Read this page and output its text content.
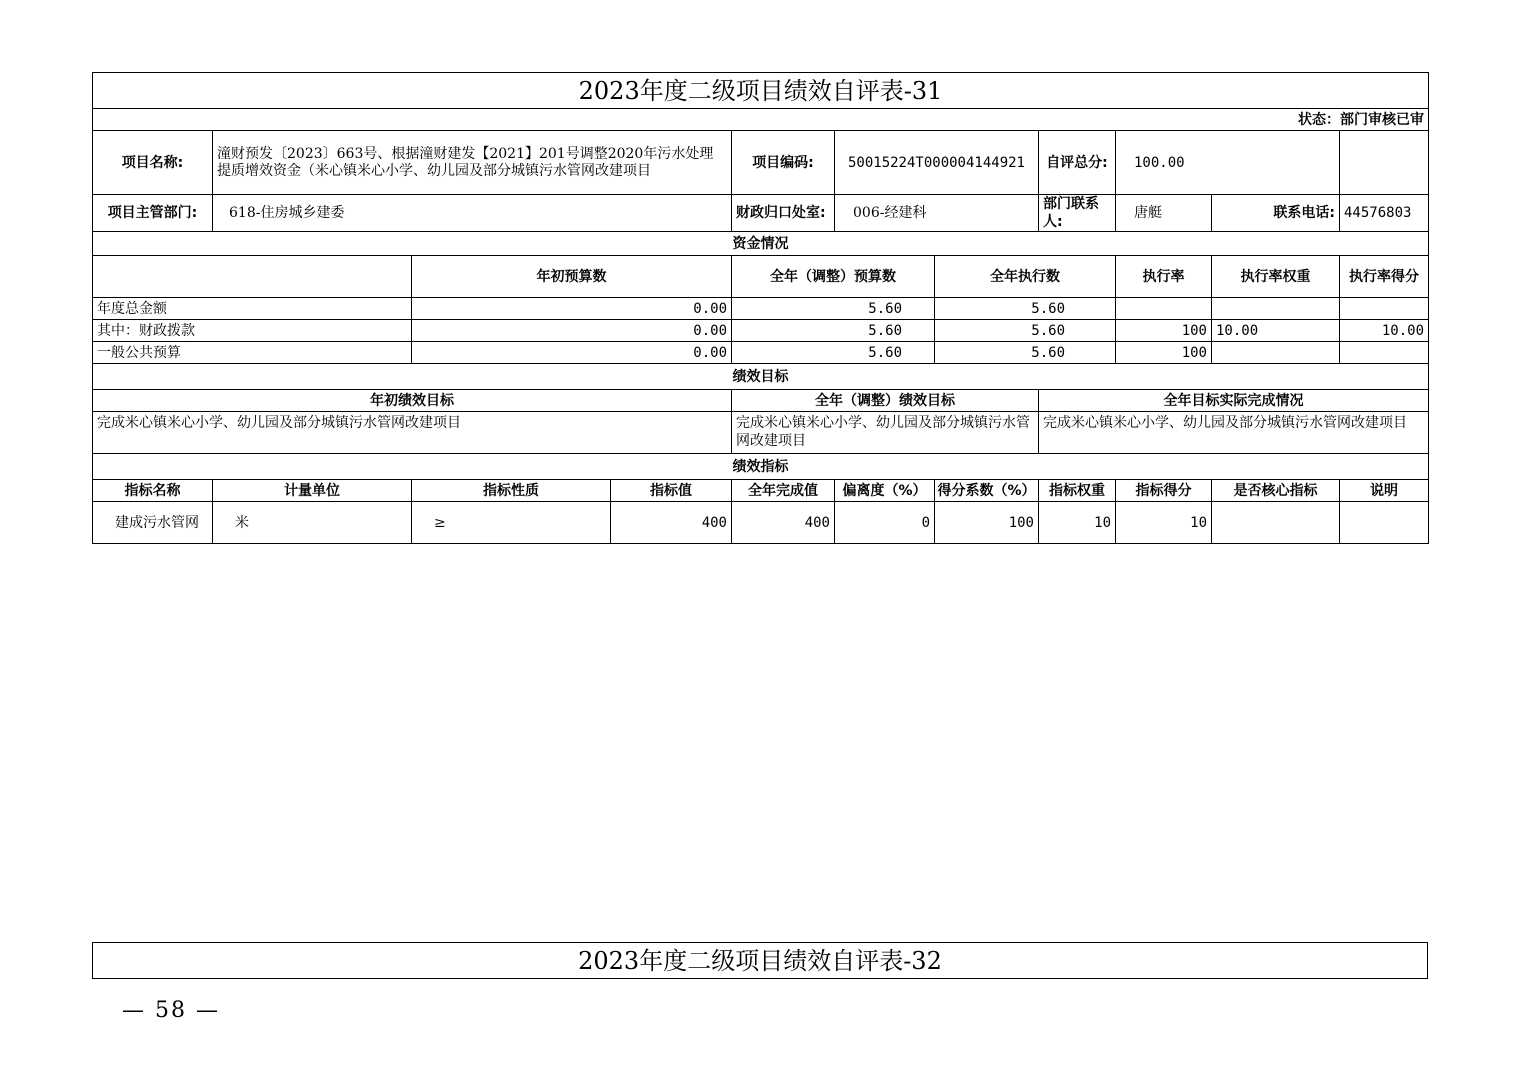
2023年度二级项目绩效自评表-31										
状态：部门审核已审										
项目名称:	潼财预发〔2023〕663号、根据潼财建发【2021】201号调整2020年污水处理提质增效资金（米心镇米心小学、幼儿园及部分城镇污水管网改建项目			项目编码:	50015224T000004144921		自评总分:	100.00		
项目主管部门:	618-住房城乡建委			财政归口处室:	006-经建科		部门联系人:	唐艇	联系电话:	44576803
资金情况										
		年初预算数		全年（调整）预算数		全年执行数		执行率	执行率权重	执行率得分
年度总金额		0.00		5.60		5.60				
其中：财政拨款		0.00		5.60		5.60		100	10.00	10.00
一般公共预算		0.00		5.60		5.60		100		
绩效目标										
年初绩效目标				全年（调整）绩效目标			全年目标实际完成情况			
完成米心镇米心小学、幼儿园及部分城镇污水管网改建项目				完成米心镇米心小学、幼儿园及部分城镇污水管网改建项目			完成米心镇米心小学、幼儿园及部分城镇污水管网改建项目			
绩效指标										
指标名称	计量单位	指标性质	指标值	全年完成值	偏离度（%）	得分系数（%）	指标权重	指标得分	是否核心指标	说明
建成污水管网	米	≥	400	400	0	100	10	10		
2023年度二级项目绩效自评表-32
— 58 —
